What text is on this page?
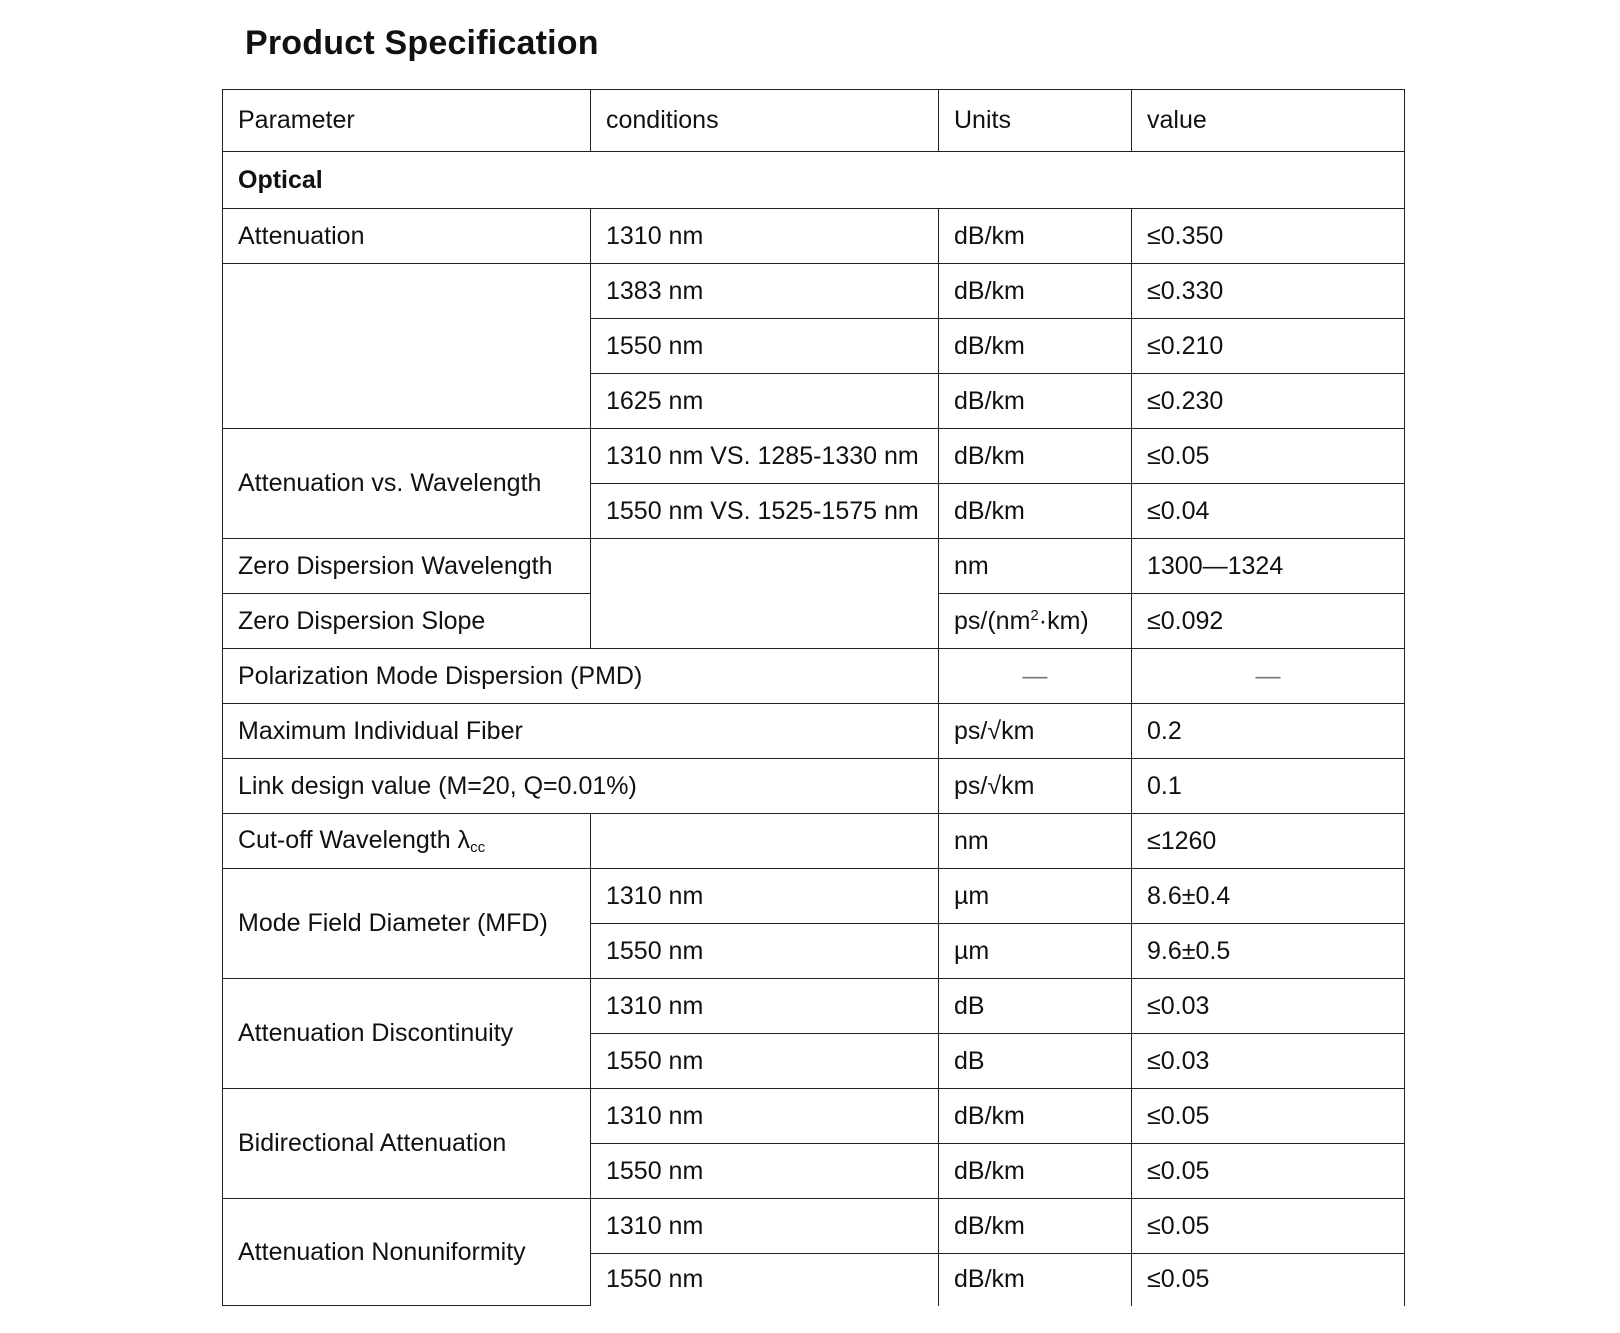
Product Specification
Parameter	conditions	Units	value
Optical			
Attenuation	1310 nm	dB/km	≤0.350
	1383 nm	dB/km	≤0.330
	1550 nm	dB/km	≤0.210
	1625 nm	dB/km	≤0.230
Attenuation vs. Wavelength	1310 nm VS. 1285-1330 nm	dB/km	≤0.05
	1550 nm VS. 1525-1575 nm	dB/km	≤0.04
Zero Dispersion Wavelength		nm	1300—1324
Zero Dispersion Slope		$ps/(nm^2\cdot km)$	≤0.092
Polarization Mode Dispersion (PMD)		—	—
Maximum Individual Fiber		ps/√km	0.2
Link design value (M=20, Q=0.01%)		ps/√km	0.1
Cut-off Wavelength $\lambda_{cc}$		nm	≤1260
Mode Field Diameter (MFD)	1310 nm	µm	8.6±0.4
	1550 nm	µm	9.6±0.5
Attenuation Discontinuity	1310 nm	dB	≤0.03
	1550 nm	dB	≤0.03
Bidirectional Attenuation	1310 nm	dB/km	≤0.05
	1550 nm	dB/km	≤0.05
Attenuation Nonuniformity	1310 nm	dB/km	≤0.05
	1550 nm	dB/km	≤0.05
